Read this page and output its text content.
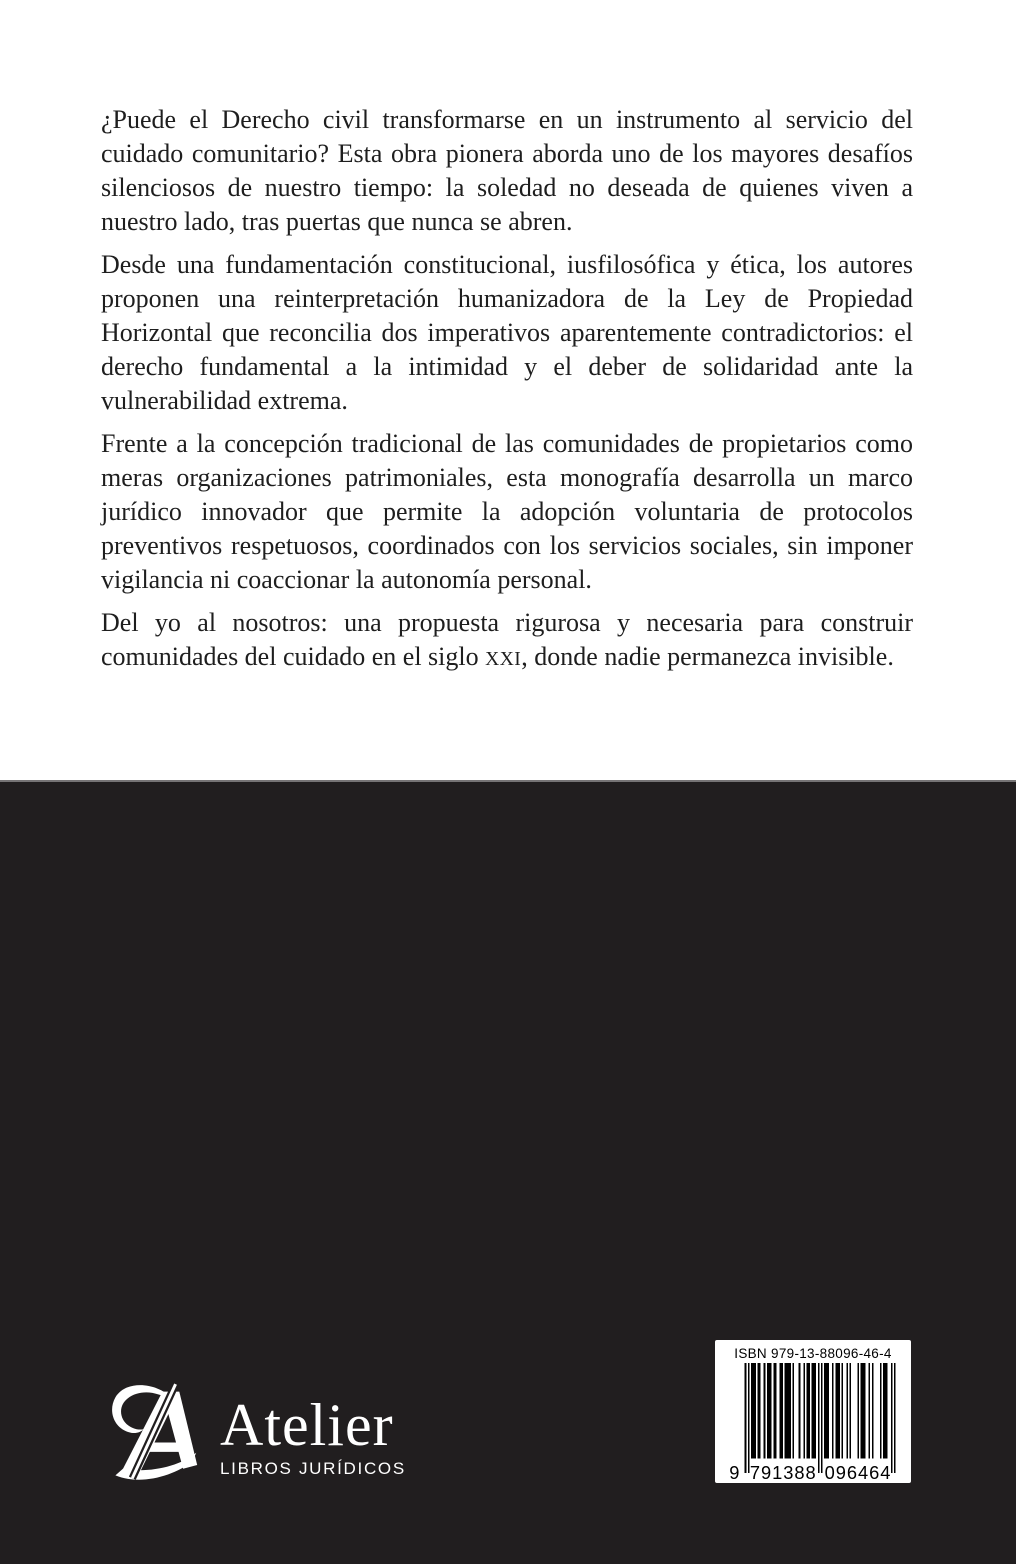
¿Puede el Derecho civil transformarse en un instrumento al servicio del cuidado comunitario? Esta obra pionera aborda uno de los mayores desafíos silenciosos de nuestro tiempo: la soledad no deseada de quienes viven a nuestro lado, tras puertas que nunca se abren.

Desde una fundamentación constitucional, iusfilosófica y ética, los autores proponen una reinterpretación humanizadora de la Ley de Propiedad Horizontal que reconcilia dos imperativos aparentemente contradictorios: el derecho fundamental a la intimidad y el deber de solidaridad ante la vulnerabilidad extrema.

Frente a la concepción tradicional de las comunidades de propietarios como meras organizaciones patrimoniales, esta monografía desarrolla un marco jurídico innovador que permite la adopción voluntaria de protocolos preventivos respetuosos, coordinados con los servicios sociales, sin imponer vigilancia ni coaccionar la autonomía personal.

Del yo al nosotros: una propuesta rigurosa y necesaria para construir comunidades del cuidado en el siglo XXI, donde nadie permanezca invisible.

Atelier
LIBROS JURÍDICOS
ISBN 979-13-88096-46-4
9 7	0
9	9
1	6
3	4
8	6
8	4
